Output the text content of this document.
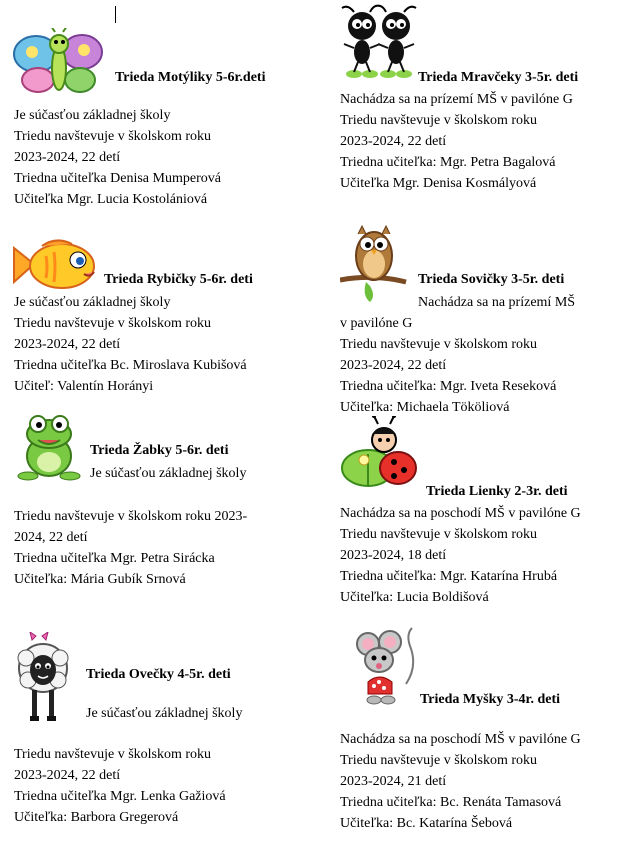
Trieda Motýliky 5-6r.deti
Je súčasťou základnej školy
Triedu navštevuje v školskom roku
2023-2024, 22 detí
Triedna učiteľka Denisa Mumperová
Učiteľka Mgr. Lucia Kostolániová
Trieda Mravčeky 3-5r. deti
Nachádza sa na prízemí MŠ v pavilóne G
Triedu navštevuje v školskom roku
2023-2024, 22 detí
Triedna učiteľka: Mgr. Petra Bagalová
Učiteľka Mgr. Denisa Kosmályová
Trieda Rybičky 5-6r. deti
Je súčasťou základnej školy
Triedu navštevuje v školskom roku
2023-2024, 22 detí
Triedna učiteľka Bc. Miroslava Kubišová
Učiteľ: Valentín Horányi
Trieda Sovičky 3-5r. deti
Nachádza sa na prízemí MŠ
v pavilóne G
Triedu navštevuje v školskom roku
2023-2024, 22 detí
Triedna učiteľka: Mgr. Iveta Reseková
Učiteľka: Michaela Tököliová
Trieda Žabky 5-6r. deti
Je súčasťou základnej školy
Triedu navštevuje v školskom roku 2023-
2024, 22 detí
Triedna učiteľka Mgr. Petra Sirácka
Učiteľka: Mária Gubík Srnová
Trieda Lienky 2-3r. deti
Nachádza sa na poschodí MŠ v pavilóne G
Triedu navštevuje v školskom roku
2023-2024, 18 detí
Triedna učiteľka: Mgr. Katarína Hrubá
Učiteľka: Lucia Boldišová
Trieda Ovečky 4-5r. deti
Je súčasťou základnej školy
Triedu navštevuje v školskom roku
2023-2024, 22 detí
Triedna učiteľka Mgr. Lenka Gažiová
Učiteľka: Barbora Gregerová
Trieda Myšky 3-4r. deti
Nachádza sa na poschodí MŠ v pavilóne G
Triedu navštevuje v školskom roku
2023-2024, 21 detí
Triedna učiteľka: Bc. Renáta Tamasová
Učiteľka: Bc. Katarína Šebová
